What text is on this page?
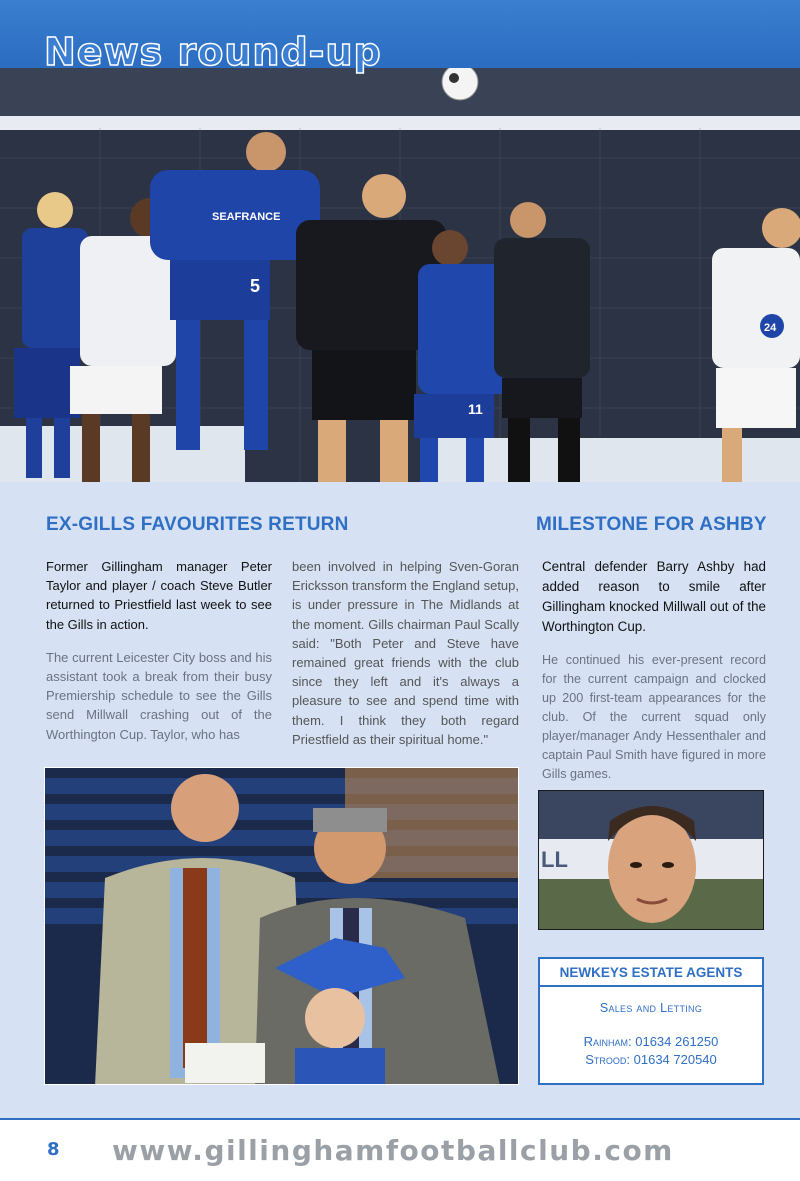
SEAFRANCE
5
11
24
News round-up
EX-GILLS FAVOURITES RETURN	MILESTONE FOR ASHBY

Former Gillingham manager Peter Taylor and player / coach Steve Butler returned to Priestfield last week to see the Gills in action.

The current Leicester City boss and his assistant took a break from their busy Premiership schedule to see the Gills send Millwall crashing out of the Worthington Cup. Taylor, who has

been involved in helping Sven-Goran Ericksson transform the England setup, is under pressure in The Midlands at the moment. Gills chairman Paul Scally said: "Both Peter and Steve have remained great friends with the club since they left and it's always a pleasure to see and spend time with them. I think they both regard Priestfield as their spiritual home."

Central defender Barry Ashby had added reason to smile after Gillingham knocked Millwall out of the Worthington Cup.

He continued his ever-present record for the current campaign and clocked up 200 first-team appearances for the club. Of the current squad only player/manager Andy Hessenthaler and captain Paul Smith have figured in more Gills games.

LL
NEWKEYS ESTATE AGENTS
Sales and Letting
Rainham: 01634 261250
Strood: 01634 720540
8 www.gillinghamfootballclub.com
